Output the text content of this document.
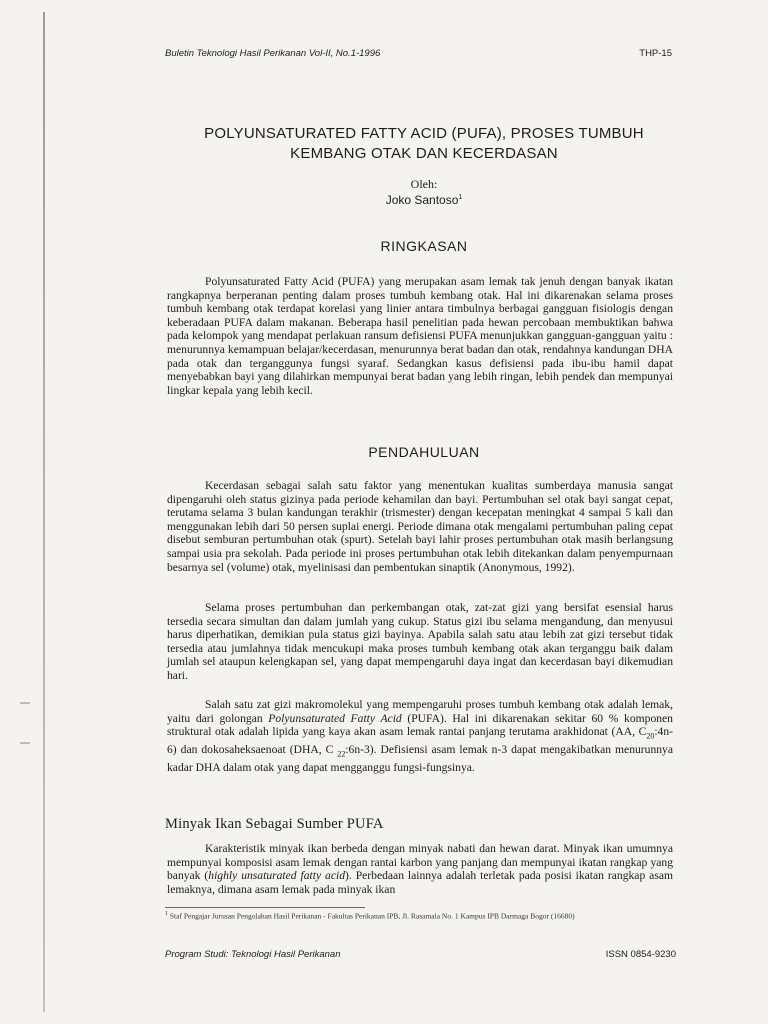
Buletin Teknologi Hasil Perikanan Vol-II, No.1-1996	THP-15
POLYUNSATURATED FATTY ACID (PUFA), PROSES TUMBUH
KEMBANG OTAK DAN KECERDASAN
Oleh:
Joko Santoso$^1$
RINGKASAN

Polyunsaturated Fatty Acid (PUFA) yang merupakan asam lemak tak jenuh dengan banyak ikatan rangkapnya berperanan penting dalam proses tumbuh kembang otak. Hal ini dikarenakan selama proses tumbuh kembang otak terdapat korelasi yang linier antara timbulnya berbagai gangguan fisiologis dengan keberadaan PUFA dalam makanan. Beberapa hasil penelitian pada hewan percobaan membuktikan bahwa pada kelompok yang mendapat perlakuan ransum defisiensi PUFA menunjukkan gangguan-gangguan yaitu : menurunnya kemampuan belajar/kecerdasan, menurunnya berat badan dan otak, rendahnya kandungan DHA pada otak dan terganggunya fungsi syaraf. Sedangkan kasus defisiensi pada ibu-ibu hamil dapat menyebabkan bayi yang dilahirkan mempunyai berat badan yang lebih ringan, lebih pendek dan mempunyai lingkar kepala yang lebih kecil.

PENDAHULUAN

Kecerdasan sebagai salah satu faktor yang menentukan kualitas sumberdaya manusia sangat dipengaruhi oleh status gizinya pada periode kehamilan dan bayi. Pertumbuhan sel otak bayi sangat cepat, terutama selama 3 bulan kandungan terakhir (trismester) dengan kecepatan meningkat 4 sampai 5 kali dan menggunakan lebih dari 50 persen suplai energi. Periode dimana otak mengalami pertumbuhan paling cepat disebut semburan pertumbuhan otak (spurt). Setelah bayi lahir proses pertumbuhan otak masih berlangsung sampai usia pra sekolah. Pada periode ini proses pertumbuhan otak lebih ditekankan dalam penyempurnaan besarnya sel (volume) otak, myelinisasi dan pembentukan sinaptik (Anonymous, 1992).

Selama proses pertumbuhan dan perkembangan otak, zat-zat gizi yang bersifat esensial harus tersedia secara simultan dan dalam jumlah yang cukup. Status gizi ibu selama mengandung, dan menyusui harus diperhatikan, demikian pula status gizi bayinya. Apabila salah satu atau lebih zat gizi tersebut tidak tersedia atau jumlahnya tidak mencukupi maka proses tumbuh kembang otak akan terganggu baik dalam jumlah sel ataupun kelengkapan sel, yang dapat mempengaruhi daya ingat dan kecerdasan bayi dikemudian hari.

Salah satu zat gizi makromolekul yang mempengaruhi proses tumbuh kembang otak adalah lemak, yaitu dari golongan Polyunsaturated Fatty Acid (PUFA). Hal ini dikarenakan sekitar 60 % komponen struktural otak adalah lipida yang kaya akan asam lemak rantai panjang terutama arakhidonat (AA, $C_{20}:4n-6$) dan dokosaheksaenoat (DHA, C $_{22}$:6n-3). Defisiensi asam lemak n-3 dapat mengakibatkan menurunnya kadar DHA dalam otak yang dapat mengganggu fungsi-fungsinya.

Minyak Ikan Sebagai Sumber PUFA

Karakteristik minyak ikan berbeda dengan minyak nabati dan hewan darat. Minyak ikan umumnya mempunyai komposisi asam lemak dengan rantai karbon yang panjang dan mempunyai ikatan rangkap yang banyak (highly unsaturated fatty acid). Perbedaan lainnya adalah terletak pada posisi ikatan rangkap asam lemaknya, dimana asam lemak pada minyak ikan

$^1$ Staf Pengajar Jurusan Pengolahan Hasil Perikanan - Fakultas Perikanan IPB, Jl. Rasamala No. 1 Kampus IPB Darmaga Bogor (16680)
Program Studi: Teknologi Hasil Perikanan	ISSN 0854-9230
